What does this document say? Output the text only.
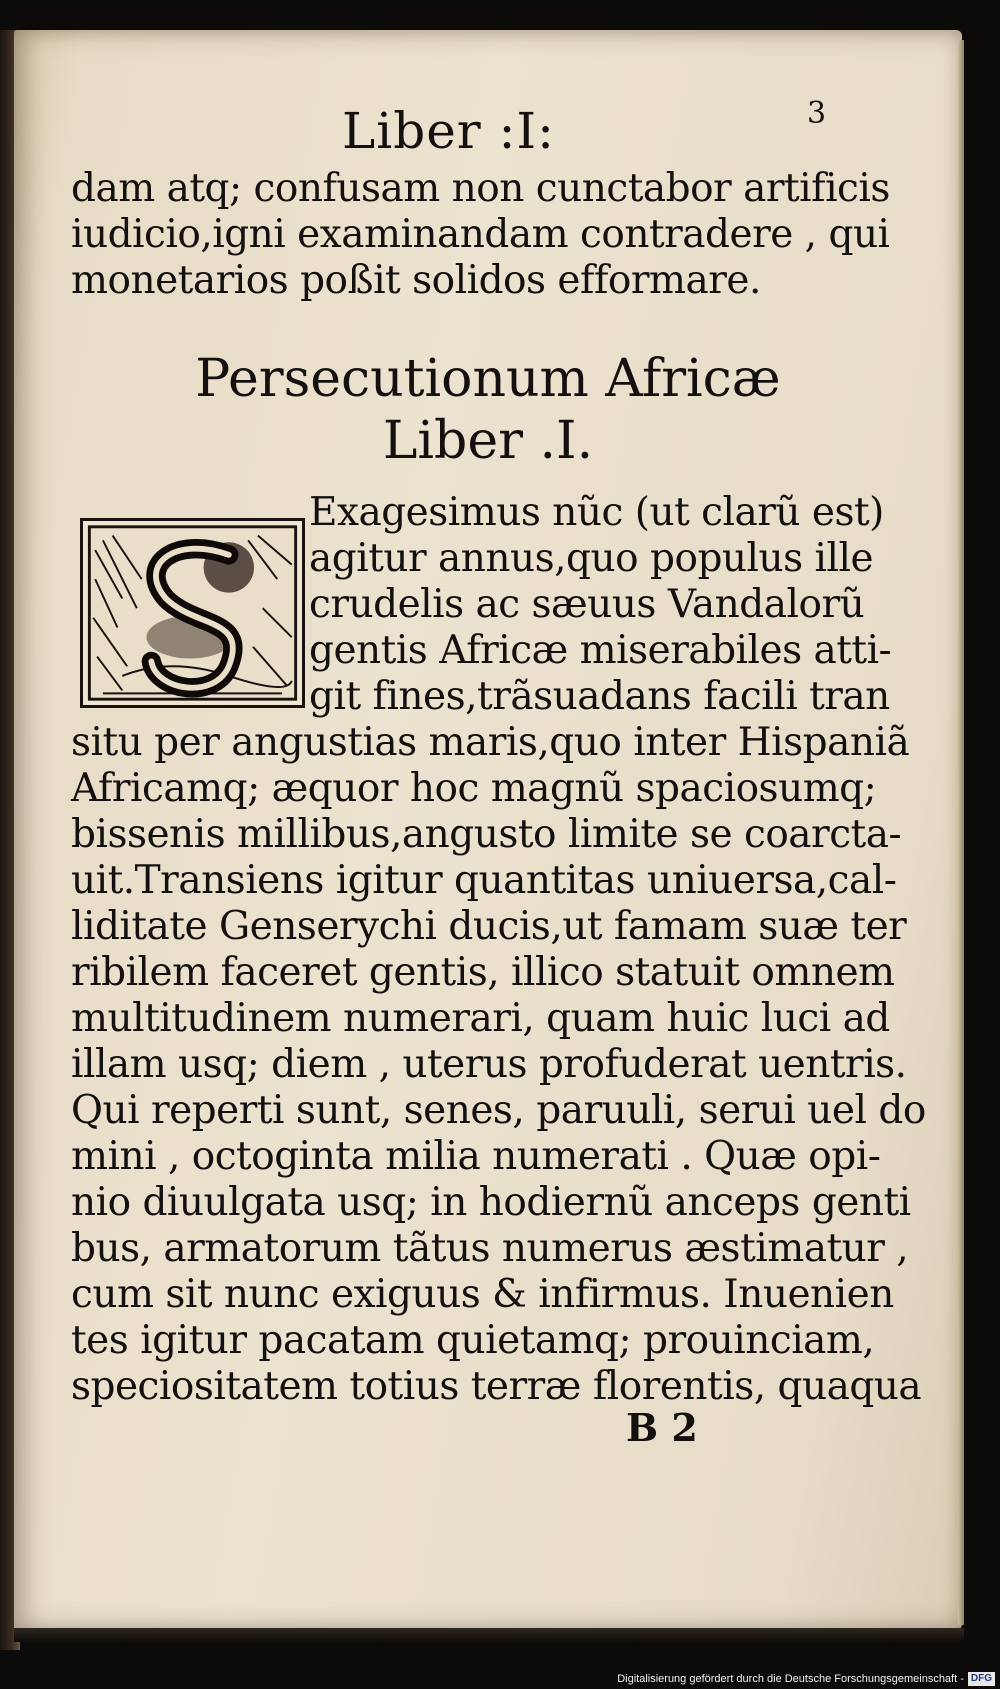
Liber :I:	3
dam atq; confusam non cunctabor artificis
iudicio,igni examinandam contradere , qui
monetarios poßit solidos efformare.
Persecutionum Africæ
Liber .I.
Exagesimus nũc (ut clarũ est)
agitur annus,quo populus ille
crudelis ac sæuus Vandalorũ
gentis Africæ miserabiles atti-
git fines,trãsuadans facili tran
situ per angustias maris,quo inter Hispaniã
Africamq; æquor hoc magnũ spaciosumq;
bissenis millibus,angusto limite se coarcta-
uit.Transiens igitur quantitas uniuersa,cal-
liditate Genserychi ducis,ut famam suæ ter
ribilem faceret gentis, illico statuit omnem
multitudinem numerari, quam huic luci ad
illam usq; diem , uterus profuderat uentris.
Qui reperti sunt, senes, paruuli, serui uel do
mini , octoginta milia numerati . Quæ opi-
nio diuulgata usq; in hodiernũ anceps genti
bus, armatorum tãtus numerus æstimatur ,
cum sit nunc exiguus & infirmus. Inuenien
tes igitur pacatam quietamq; prouinciam,
speciositatem totius terræ florentis, quaqua
B 2
Digitalisierung gefördert durch die Deutsche Forschungsgemeinschaft - DFG
